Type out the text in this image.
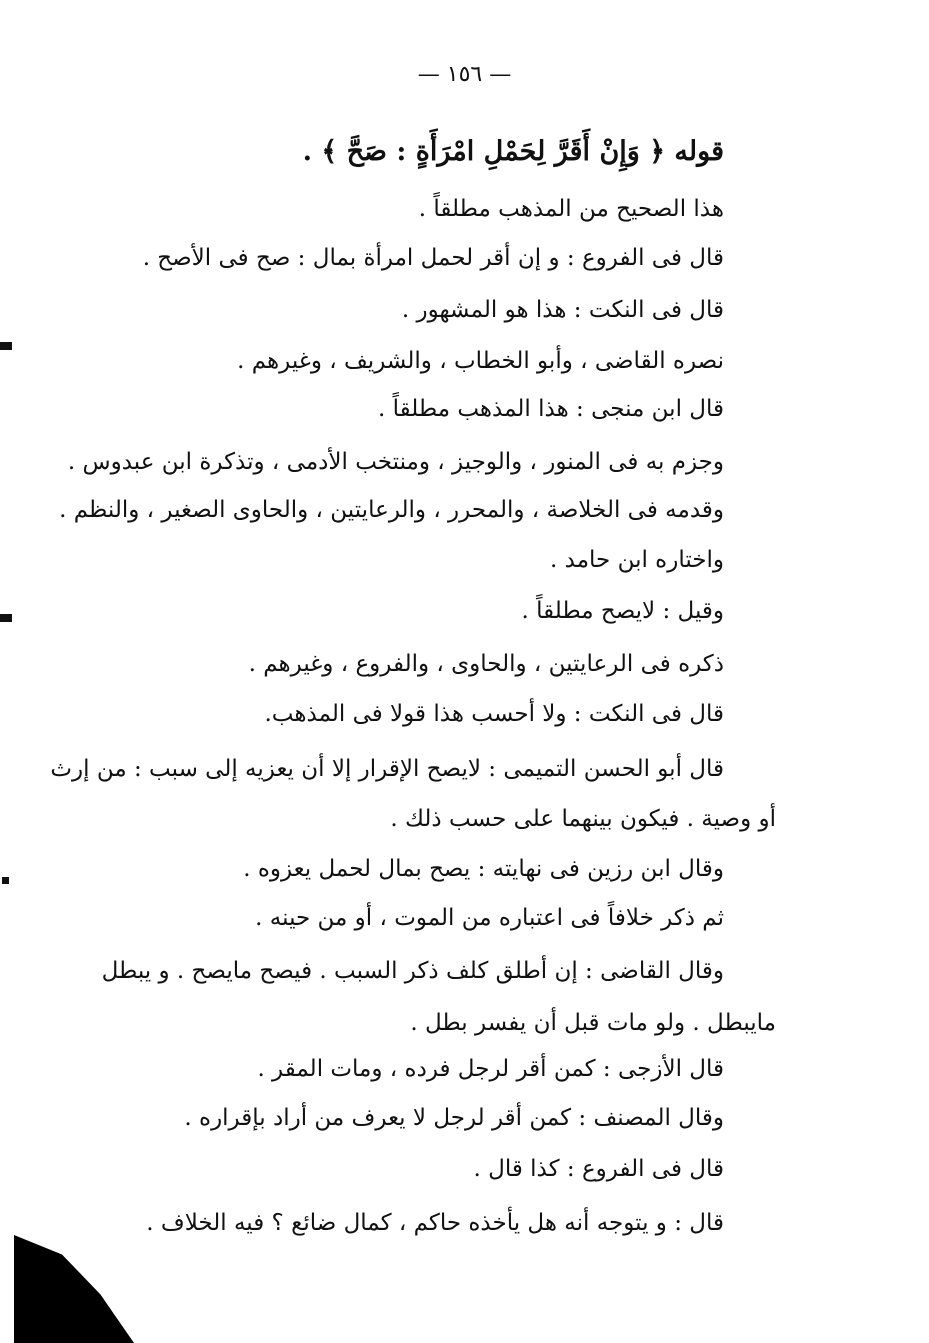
— ١٥٦ —
قوله ﴿ وَإِنْ أَقَرَّ لِحَمْلِ امْرَأَةٍ : صَحَّ ﴾ .
هذا الصحيح من المذهب مطلقاً .
قال فى الفروع : و إن أقر لحمل امرأة بمال : صح فى الأصح .
قال فى النكت : هذا هو المشهور .
نصره القاضى ، وأبو الخطاب ، والشريف ، وغيرهم .
قال ابن منجى : هذا المذهب مطلقاً .
وجزم به فى المنور ، والوجيز ، ومنتخب الأدمى ، وتذكرة ابن عبدوس .
وقدمه فى الخلاصة ، والمحرر ، والرعايتين ، والحاوى الصغير ، والنظم .
واختاره ابن حامد .
وقيل : لايصح مطلقاً .
ذكره فى الرعايتين ، والحاوى ، والفروع ، وغيرهم .
قال فى النكت : ولا أحسب هذا قولا فى المذهب.
قال أبو الحسن التميمى : لايصح الإقرار إلا أن يعزيه إلى سبب : من إرث
أو وصية . فيكون بينهما على حسب ذلك .
وقال ابن رزين فى نهايته : يصح بمال لحمل يعزوه .
ثم ذكر خلافاً فى اعتباره من الموت ، أو من حينه .
وقال القاضى : إن أطلق كلف ذكر السبب . فيصح مايصح . و يبطل
مايبطل . ولو مات قبل أن يفسر بطل .
قال الأزجى : كمن أقر لرجل فرده ، ومات المقر .
وقال المصنف : كمن أقر لرجل لا يعرف من أراد بإقراره .
قال فى الفروع : كذا قال .
قال : و يتوجه أنه هل يأخذه حاكم ، كمال ضائع ؟ فيه الخلاف .
